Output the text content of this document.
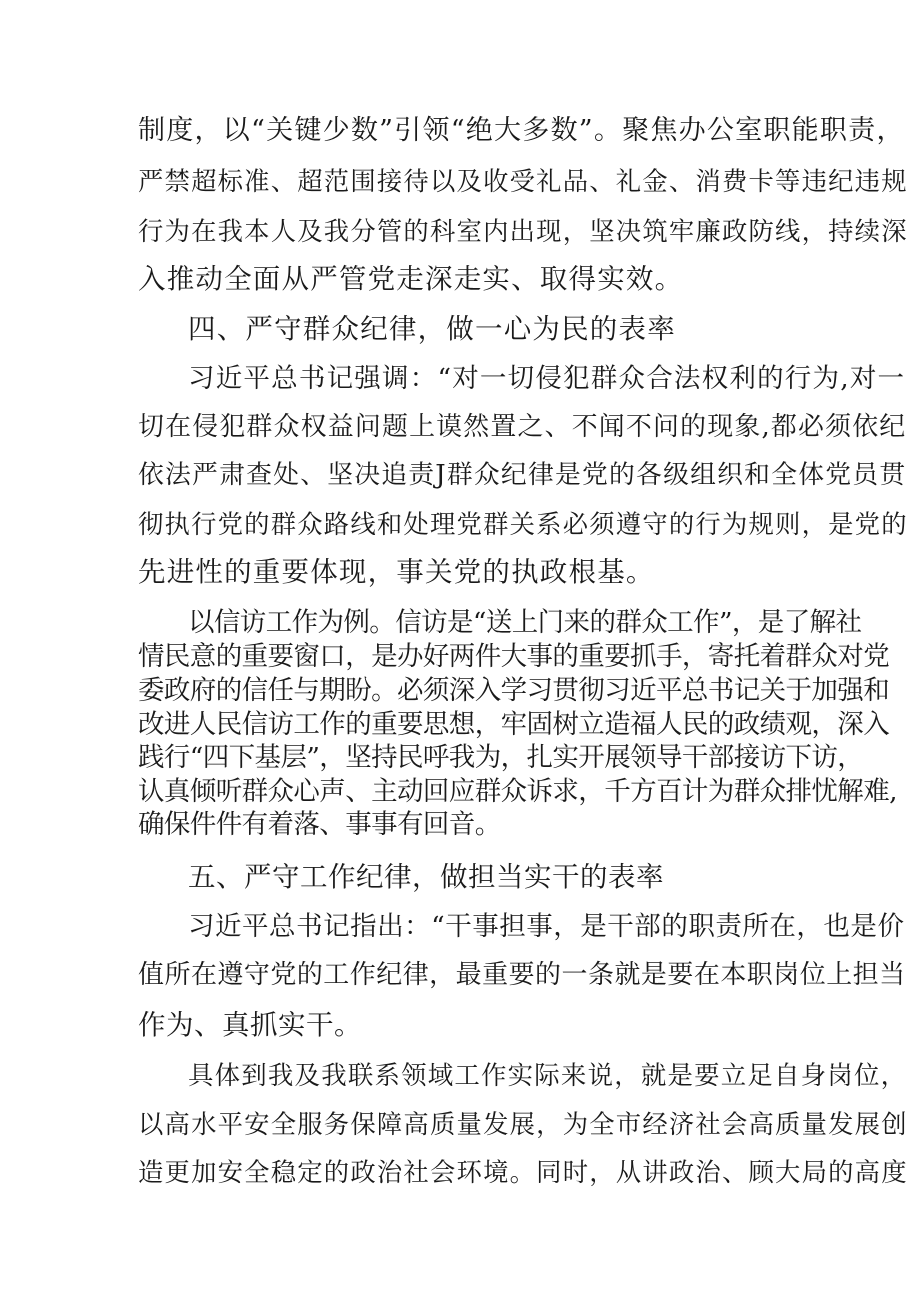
制度，以“关键少数”引领“绝大多数”。聚焦办公室职能职责，
严禁超标准、超范围接待以及收受礼品、礼金、消费卡等违纪违规
行为在我本人及我分管的科室内出现，坚决筑牢廉政防线，持续深
入推动全面从严管党走深走实、取得实效。
四、严守群众纪律，做一心为民的表率
习近平总书记强调：“对一切侵犯群众合法权利的行为,对一
切在侵犯群众权益问题上谟然置之、不闻不问的现象,都必须依纪
依法严肃查处、坚决追责J群众纪律是党的各级组织和全体党员贯
彻执行党的群众路线和处理党群关系必须遵守的行为规则，是党的
先进性的重要体现，事关党的执政根基。
以信访工作为例。信访是“送上门来的群众工作”，是了解社
情民意的重要窗口，是办好两件大事的重要抓手，寄托着群众对党
委政府的信任与期盼。必须深入学习贯彻习近平总书记关于加强和
改进人民信访工作的重要思想，牢固树立造福人民的政绩观，深入
践行“四下基层”，坚持民呼我为，扎实开展领导干部接访下访，
认真倾听群众心声、主动回应群众诉求，千方百计为群众排忧解难,
确保件件有着落、事事有回音。
五、严守工作纪律，做担当实干的表率
习近平总书记指出：“干事担事，是干部的职责所在，也是价
值所在遵守党的工作纪律，最重要的一条就是要在本职岗位上担当
作为、真抓实干。
具体到我及我联系领域工作实际来说，就是要立足自身岗位，
以高水平安全服务保障高质量发展，为全市经济社会高质量发展创
造更加安全稳定的政治社会环境。同时，从讲政治、顾大局的高度
